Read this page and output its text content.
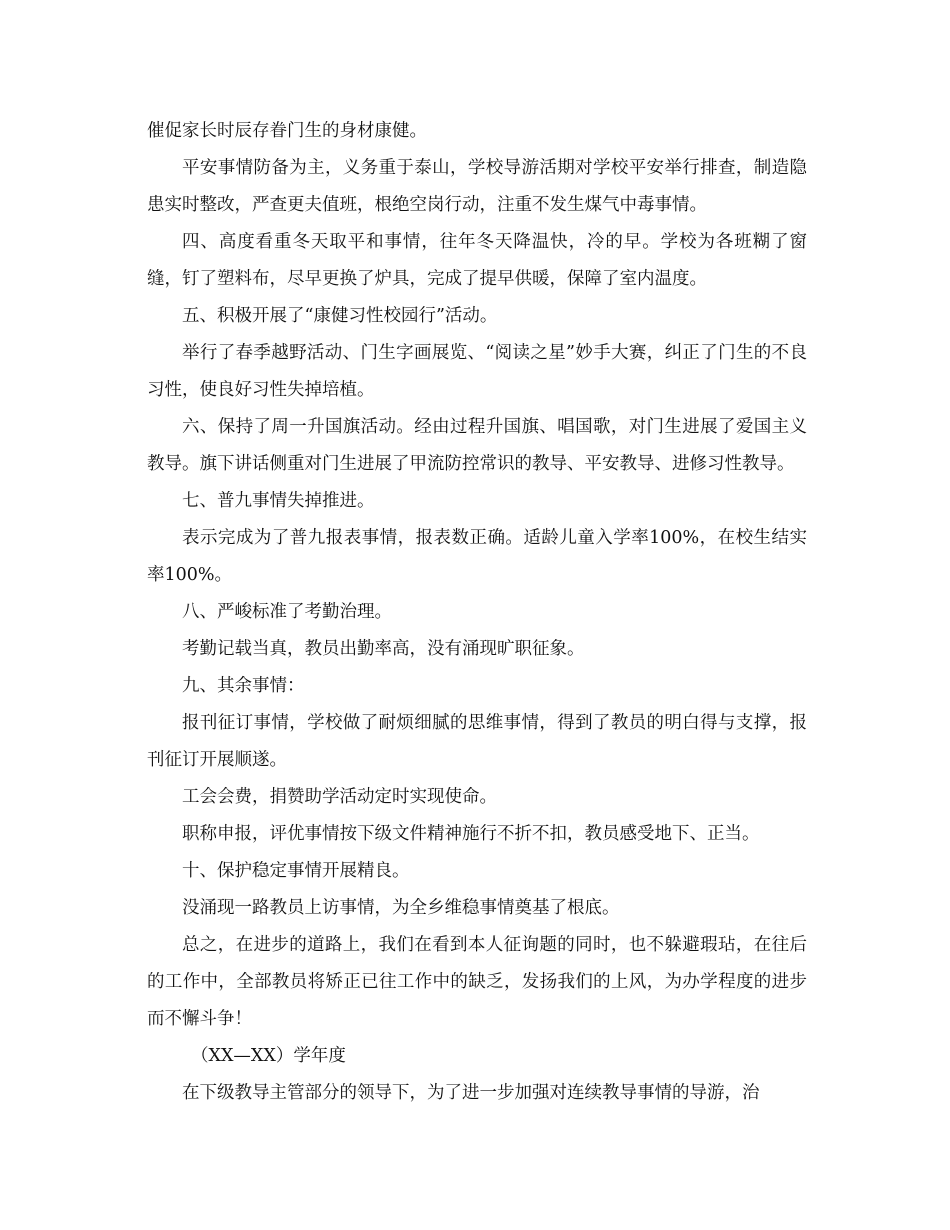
催促家长时辰存眷门生的身材康健。

平安事情防备为主，义务重于泰山，学校导游活期对学校平安举行排查，制造隐患实时整改，严查更夫值班，根绝空岗行动，注重不发生煤气中毒事情。

四、高度看重冬天取平和事情，往年冬天降温快，冷的早。学校为各班糊了窗缝，钉了塑料布，尽早更换了炉具，完成了提早供暖，保障了室内温度。

五、积极开展了“康健习性校园行”活动。

举行了春季越野活动、门生字画展览、“阅读之星”妙手大赛，纠正了门生的不良习性，使良好习性失掉培植。

六、保持了周一升国旗活动。经由过程升国旗、唱国歌，对门生进展了爱国主义教导。旗下讲话侧重对门生进展了甲流防控常识的教导、平安教导、进修习性教导。

七、普九事情失掉推进。

表示完成为了普九报表事情，报表数正确。适龄儿童入学率100%，在校生结实率100%。

八、严峻标准了考勤治理。

考勤记载当真，教员出勤率高，没有涌现旷职征象。

九、其余事情：

报刊征订事情，学校做了耐烦细腻的思维事情，得到了教员的明白得与支撑，报刊征订开展顺遂。

工会会费，捐赞助学活动定时实现使命。

职称申报，评优事情按下级文件精神施行不折不扣，教员感受地下、正当。

十、保护稳定事情开展精良。

没涌现一路教员上访事情，为全乡维稳事情奠基了根底。

总之，在进步的道路上，我们在看到本人征询题的同时，也不躲避瑕玷，在往后的工作中，全部教员将矫正已往工作中的缺乏，发扬我们的上风，为办学程度的进步而不懈斗争！

（XX—XX）学年度

在下级教导主管部分的领导下，为了进一步加强对连续教导事情的导游，治
